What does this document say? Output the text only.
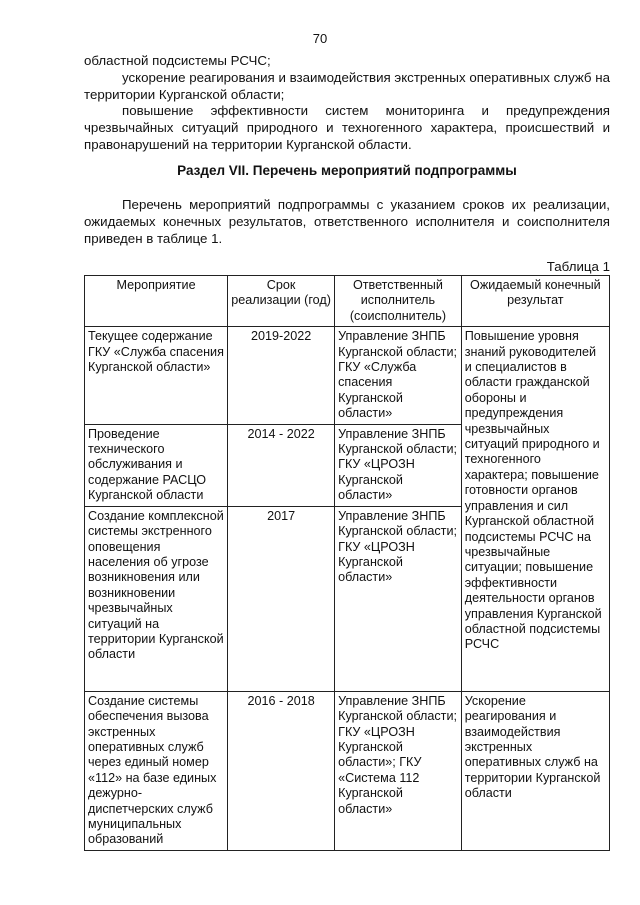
70

областной подсистемы РСЧС;

ускорение реагирования и взаимодействия экстренных оперативных служб на территории Курганской области;

повышение эффективности систем мониторинга и предупреждения чрезвычайных ситуаций природного и техногенного характера, происшествий и правонарушений на территории Курганской области.

Раздел VII. Перечень мероприятий подпрограммы

Перечень мероприятий подпрограммы с указанием сроков их реализации, ожидаемых конечных результатов, ответственного исполнителя и соисполнителя приведен в таблице 1.

Таблица 1
Мероприятие	Срок реализации (год)	Ответственный исполнитель (соисполнитель)	Ожидаемый конечный результат
Текущее содержание ГКУ «Служба спасения Курганской области»	2019-2022	Управление ЗНПБ Курганской области; ГКУ «Служба спасения Курганской области»	Повышение уровня знаний руководителей и специалистов в области гражданской обороны и предупреждения чрезвычайных ситуаций природного и техногенного характера; повышение готовности органов управления и сил Курганской областной подсистемы РСЧС на чрезвычайные ситуации; повышение эффективности деятельности органов управления Курганской областной подсистемы РСЧС
Проведение технического обслуживания и содержание РАСЦО Курганской области	2014 - 2022	Управление ЗНПБ Курганской области; ГКУ «ЦРОЗН Курганской области»	
Создание комплексной системы экстренного оповещения населения об угрозе возникновения или возникновении чрезвычайных ситуаций на территории Курганской области	2017	Управление ЗНПБ Курганской области; ГКУ «ЦРОЗН Курганской области»	
Создание системы обеспечения вызова экстренных оперативных служб через единый номер «112» на базе единых дежурно-диспетчерских служб муниципальных образований	2016 - 2018	Управление ЗНПБ Курганской области; ГКУ «ЦРОЗН Курганской области»; ГКУ «Система 112 Курганской области»	Ускорение реагирования и взаимодействия экстренных оперативных служб на территории Курганской области
